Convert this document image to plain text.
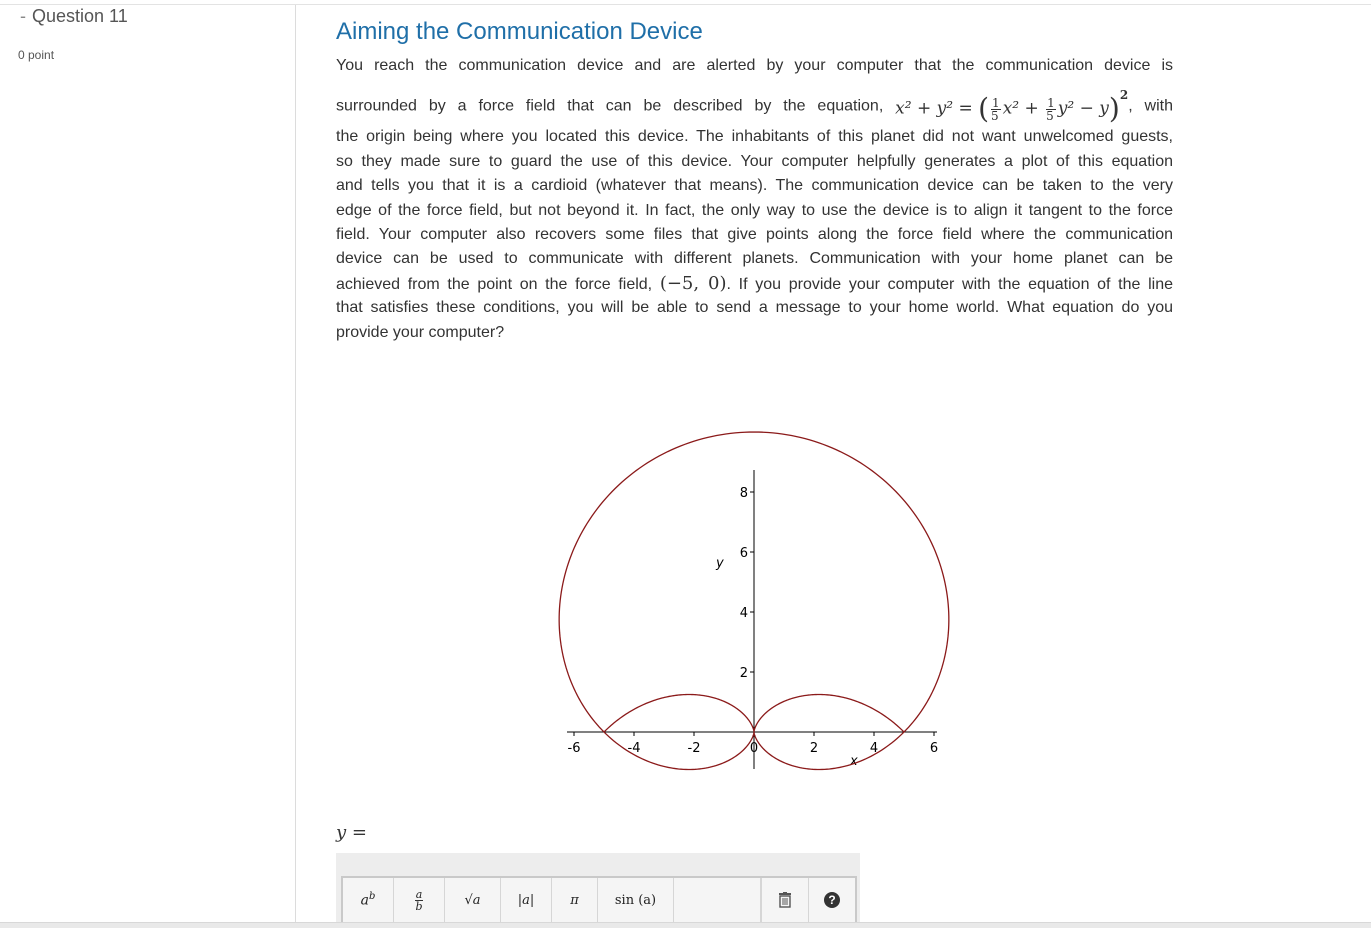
- Question 11
0 point
Aiming the Communication Device
You reach the communication device and are alerted by your computer that the communication device is
surrounded by a force field that can be described by the equation, x² + y² = ( $\frac{1}{5} x^2 + \frac{1}{5} y^2 - y)^2$, with
the origin being where you located this device. The inhabitants of this planet did not want unwelcomed guests,
so they made sure to guard the use of this device. Your computer helpfully generates a plot of this equation
and tells you that it is a cardioid (whatever that means). The communication device can be taken to the very
edge of the force field, but not beyond it. In fact, the only way to use the device is to align it tangent to the force
field. Your computer also recovers some files that give points along the force field where the communication
device can be used to communicate with different planets. Communication with your home planet can be
achieved from the point on the force field, (−5, 0). If you provide your computer with the equation of the line
that satisfies these conditions, you will be able to send a message to your home world. What equation do you
provide your computer?
-6	-4	-2	0	2	4	6
2
4
6
8
x
y
y =
$a^b$	$\frac{a}{b}$	√a	|a|	π	sin (a)	?
